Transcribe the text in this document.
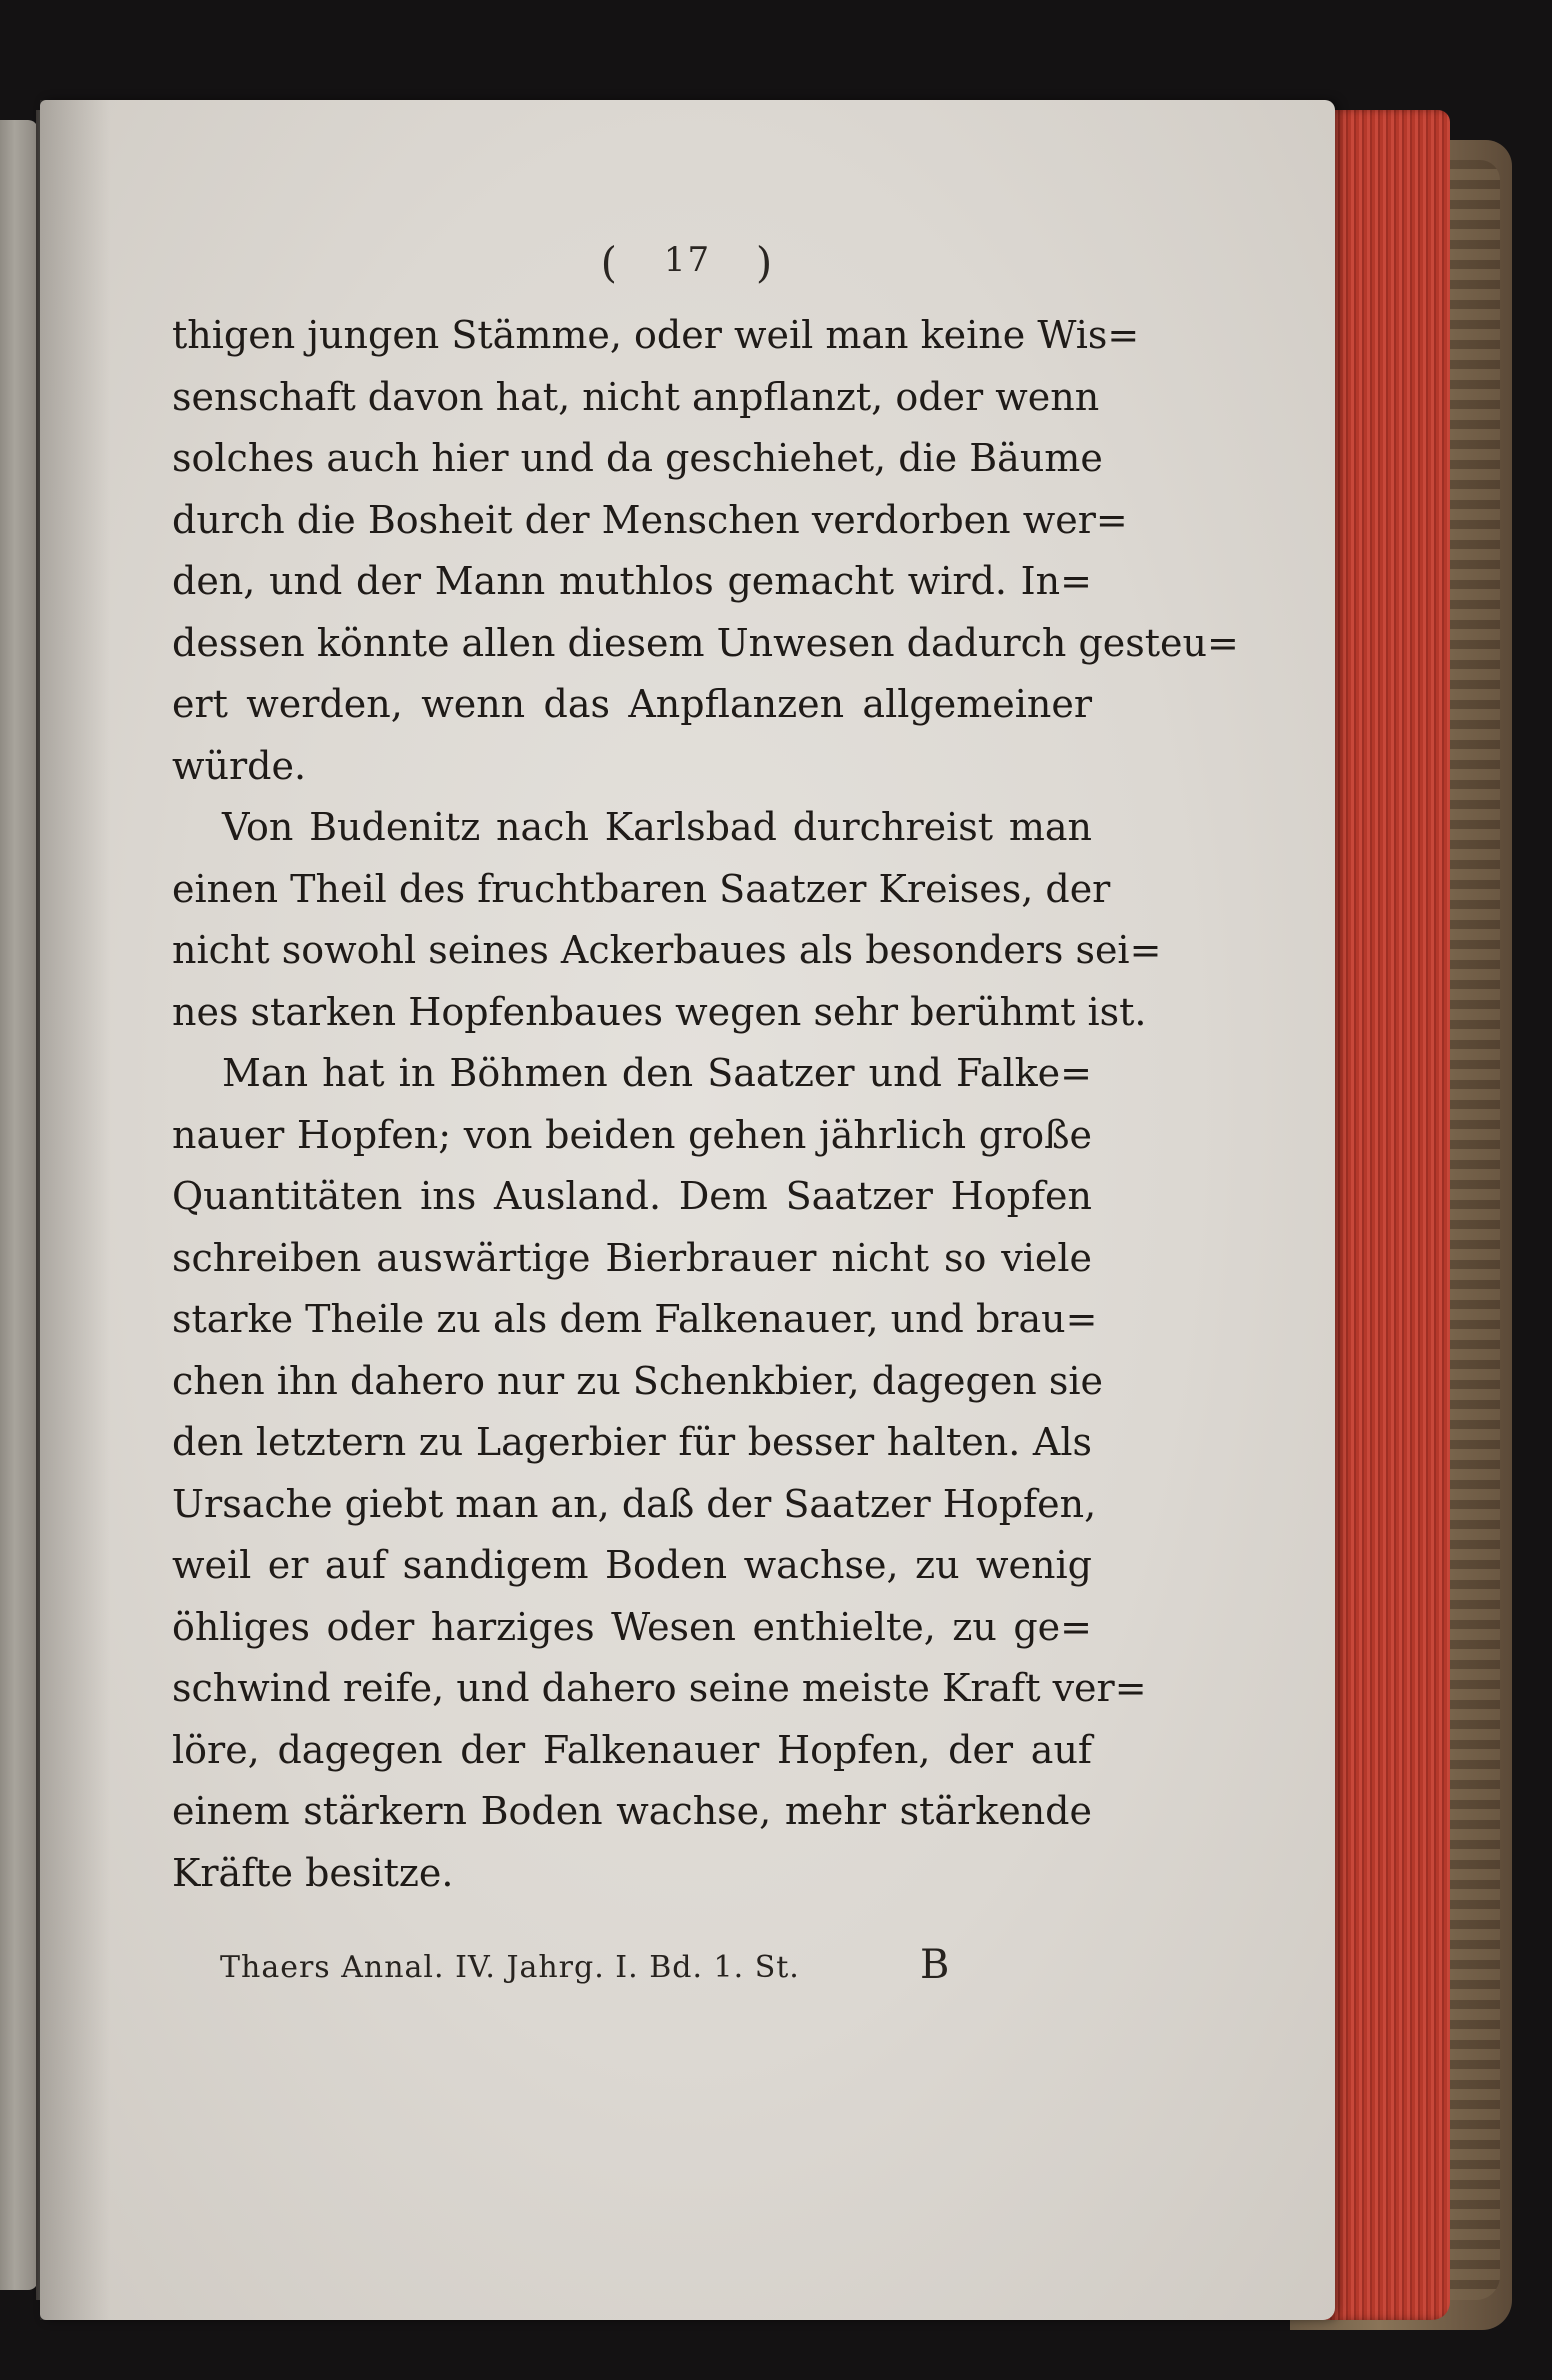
( 17 )
thigen jungen Stämme, oder weil man keine Wis=
senschaft davon hat, nicht anpflanzt, oder wenn
solches auch hier und da geschiehet, die Bäume
durch die Bosheit der Menschen verdorben wer=
den, und der Mann muthlos gemacht wird. In=
dessen könnte allen diesem Unwesen dadurch gesteu=
ert werden, wenn das Anpflanzen allgemeiner
würde.
Von Budenitz nach Karlsbad durchreist man
einen Theil des fruchtbaren Saatzer Kreises, der
nicht sowohl seines Ackerbaues als besonders sei=
nes starken Hopfenbaues wegen sehr berühmt ist.
Man hat in Böhmen den Saatzer und Falke=
nauer Hopfen; von beiden gehen jährlich große
Quantitäten ins Ausland. Dem Saatzer Hopfen
schreiben auswärtige Bierbrauer nicht so viele
starke Theile zu als dem Falkenauer, und brau=
chen ihn dahero nur zu Schenkbier, dagegen sie
den letztern zu Lagerbier für besser halten. Als
Ursache giebt man an, daß der Saatzer Hopfen,
weil er auf sandigem Boden wachse, zu wenig
öhliges oder harziges Wesen enthielte, zu ge=
schwind reife, und dahero seine meiste Kraft ver=
löre, dagegen der Falkenauer Hopfen, der auf
einem stärkern Boden wachse, mehr stärkende
Kräfte besitze.
Thaers Annal. IV. Jahrg. I. Bd. 1. St.	B
